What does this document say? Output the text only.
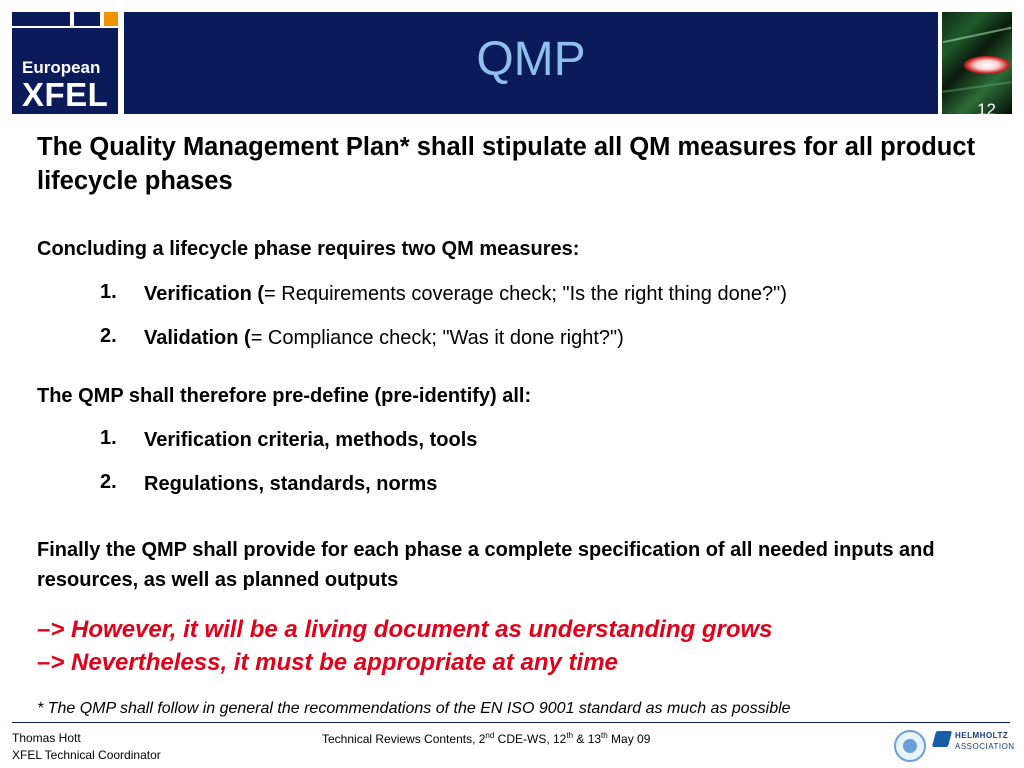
European
XFEL
QMP
12

The Quality Management Plan* shall stipulate all QM measures for all product lifecycle phases

Concluding a lifecycle phase requires two QM measures:
1. Verification (= Requirements coverage check; "Is the right thing done?")
2. Validation (= Compliance check; "Was it done right?")
The QMP shall therefore pre-define (pre-identify) all:
1. Verification criteria, methods, tools
2. Regulations, standards, norms
Finally the QMP shall provide for each phase a complete specification of all needed inputs and resources, as well as planned outputs
–> However, it will be a living document as understanding grows
–> Nevertheless, it must be appropriate at any time
* The QMP shall follow in general the recommendations of the EN ISO 9001 standard as much as possible
Thomas Hott
XFEL Technical Coordinator
Technical Reviews Contents, 2nd CDE-WS, 12th & 13th May 09	HELMHOLTZ
ASSOCIATION
